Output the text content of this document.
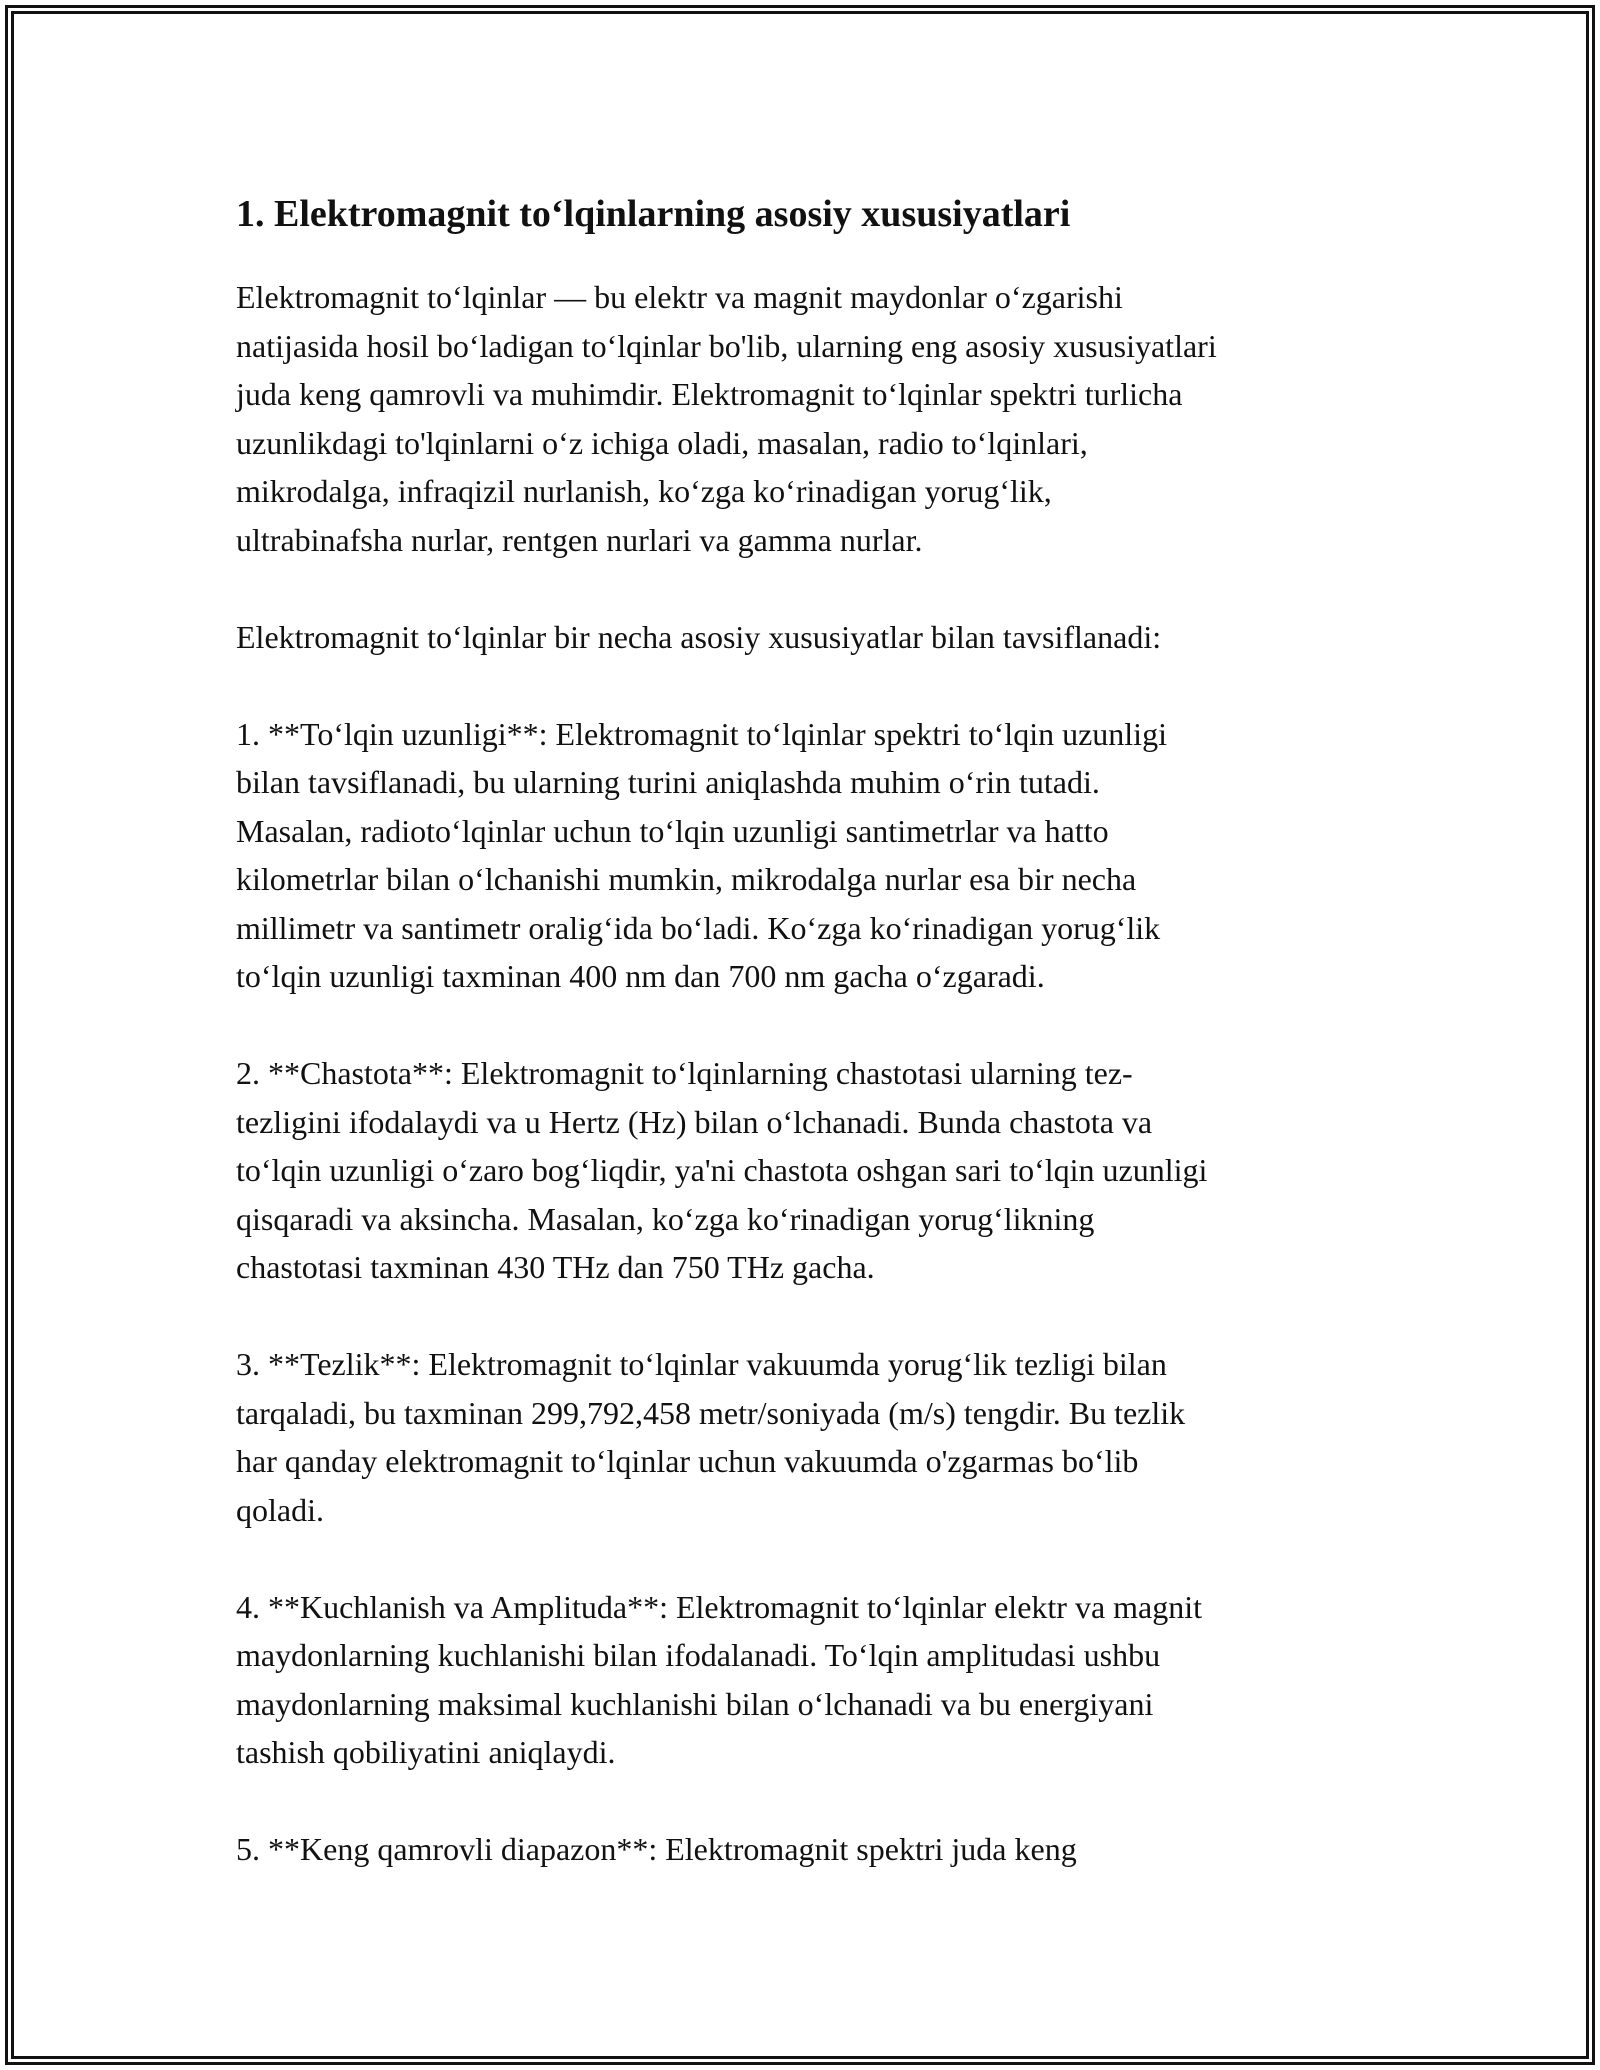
1. Elektromagnit to‘lqinlarning asosiy xususiyatlari

Elektromagnit to‘lqinlar — bu elektr va magnit maydonlar o‘zgarishi
natijasida hosil bo‘ladigan to‘lqinlar bo'lib, ularning eng asosiy xususiyatlari
juda keng qamrovli va muhimdir. Elektromagnit to‘lqinlar spektri turlicha
uzunlikdagi to'lqinlarni o‘z ichiga oladi, masalan, radio to‘lqinlari,
mikrodalga, infraqizil nurlanish, ko‘zga ko‘rinadigan yorug‘lik,
ultrabinafsha nurlar, rentgen nurlari va gamma nurlar.

Elektromagnit to‘lqinlar bir necha asosiy xususiyatlar bilan tavsiflanadi:

1. **To‘lqin uzunligi**: Elektromagnit to‘lqinlar spektri to‘lqin uzunligi
bilan tavsiflanadi, bu ularning turini aniqlashda muhim o‘rin tutadi.
Masalan, radioto‘lqinlar uchun to‘lqin uzunligi santimetrlar va hatto
kilometrlar bilan o‘lchanishi mumkin, mikrodalga nurlar esa bir necha
millimetr va santimetr oralig‘ida bo‘ladi. Ko‘zga ko‘rinadigan yorug‘lik
to‘lqin uzunligi taxminan 400 nm dan 700 nm gacha o‘zgaradi.

2. **Chastota**: Elektromagnit to‘lqinlarning chastotasi ularning tez-
tezligini ifodalaydi va u Hertz (Hz) bilan o‘lchanadi. Bunda chastota va
to‘lqin uzunligi o‘zaro bog‘liqdir, ya'ni chastota oshgan sari to‘lqin uzunligi
qisqaradi va aksincha. Masalan, ko‘zga ko‘rinadigan yorug‘likning
chastotasi taxminan 430 THz dan 750 THz gacha.

3. **Tezlik**: Elektromagnit to‘lqinlar vakuumda yorug‘lik tezligi bilan
tarqaladi, bu taxminan 299,792,458 metr/soniyada (m/s) tengdir. Bu tezlik
har qanday elektromagnit to‘lqinlar uchun vakuumda o'zgarmas bo‘lib
qoladi.

4. **Kuchlanish va Amplituda**: Elektromagnit to‘lqinlar elektr va magnit
maydonlarning kuchlanishi bilan ifodalanadi. To‘lqin amplitudasi ushbu
maydonlarning maksimal kuchlanishi bilan o‘lchanadi va bu energiyani
tashish qobiliyatini aniqlaydi.

5. **Keng qamrovli diapazon**: Elektromagnit spektri juda keng
